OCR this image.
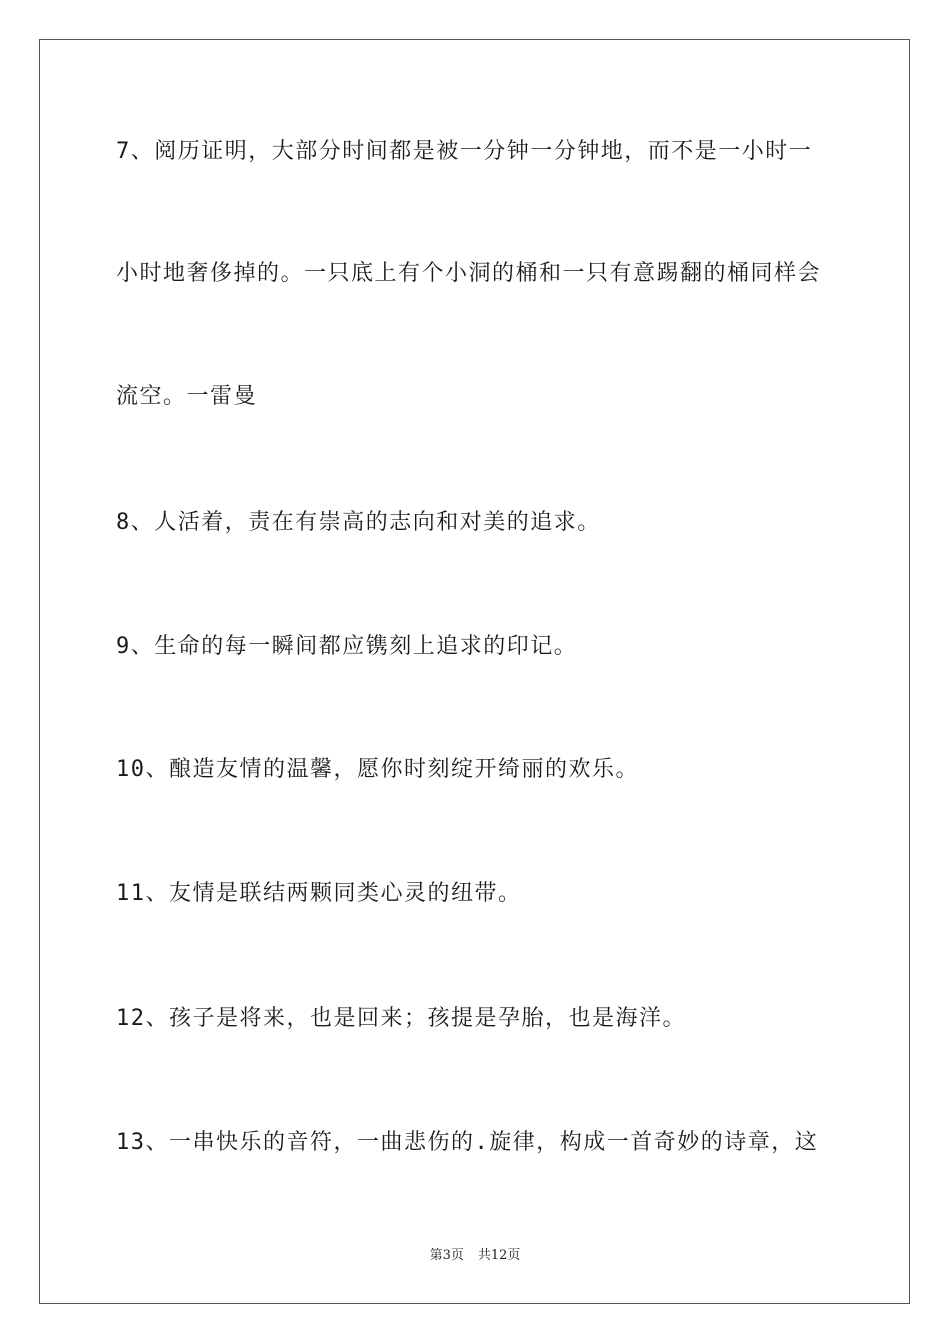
7、阅历证明，大部分时间都是被一分钟一分钟地，而不是一小时一
小时地奢侈掉的。一只底上有个小洞的桶和一只有意踢翻的桶同样会
流空。一雷曼
8、人活着，责在有崇高的志向和对美的追求。
9、生命的每一瞬间都应镌刻上追求的印记。
10、酿造友情的温馨，愿你时刻绽开绮丽的欢乐。
11、友情是联结两颗同类心灵的纽带。
12、孩子是将来，也是回来；孩提是孕胎，也是海洋。
13、一串快乐的音符，一曲悲伤的.旋律，构成一首奇妙的诗章，这
第3页 共12页
